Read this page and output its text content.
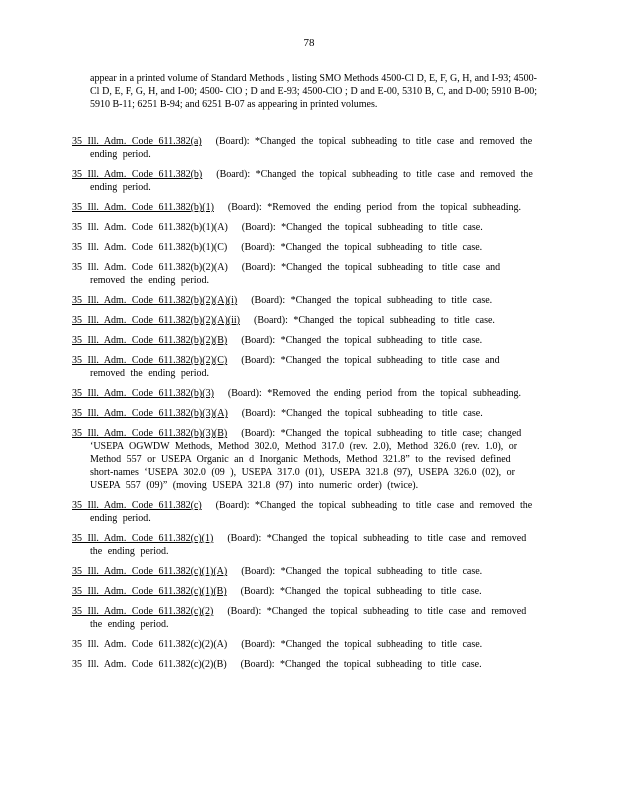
78
appear in a printed volume of Standard Methods , listing SMO Methods 4500-Cl D, E, F, G, H, and I-93; 4500-Cl D, E, F, G, H, and I-00; 4500- ClO ; D and E-93; 4500-ClO ; D and E-00, 5310 B, C, and D-00; 5910 B-00; 5910 B-11; 6251 B-94; and 6251 B-07 as appearing in printed volumes.
35 Ill. Adm. Code 611.382(a) (Board): *Changed the topical subheading to title case and removed the ending period.
35 Ill. Adm. Code 611.382(b) (Board): *Changed the topical subheading to title case and removed the ending period.
35 Ill. Adm. Code 611.382(b)(1) (Board): *Removed the ending period from the topical subheading.
35 Ill. Adm. Code 611.382(b)(1)(A) (Board): *Changed the topical subheading to title case.
35 Ill. Adm. Code 611.382(b)(1)(C) (Board): *Changed the topical subheading to title case.
35 Ill. Adm. Code 611.382(b)(2)(A) (Board): *Changed the topical subheading to title case and removed the ending period.
35 Ill. Adm. Code 611.382(b)(2)(A)(i) (Board): *Changed the topical subheading to title case.
35 Ill. Adm. Code 611.382(b)(2)(A)(ii) (Board): *Changed the topical subheading to title case.
35 Ill. Adm. Code 611.382(b)(2)(B) (Board): *Changed the topical subheading to title case.
35 Ill. Adm. Code 611.382(b)(2)(C) (Board): *Changed the topical subheading to title case and removed the ending period.
35 Ill. Adm. Code 611.382(b)(3) (Board): *Removed the ending period from the topical subheading.
35 Ill. Adm. Code 611.382(b)(3)(A) (Board): *Changed the topical subheading to title case.
35 Ill. Adm. Code 611.382(b)(3)(B) (Board): *Changed the topical subheading to title case; changed ‘USEPA OGWDW Methods, Method 302.0, Method 317.0 (rev. 2.0), Method 326.0 (rev. 1.0), or Method 557 or USEPA Organic an d Inorganic Methods, Method 321.8” to the revised defined short-names ‘USEPA 302.0 (09 ), USEPA 317.0 (01), USEPA 321.8 (97), USEPA 326.0 (02), or USEPA 557 (09)” (moving USEPA 321.8 (97) into numeric order) (twice).
35 Ill. Adm. Code 611.382(c) (Board): *Changed the topical subheading to title case and removed the ending period.
35 Ill. Adm. Code 611.382(c)(1) (Board): *Changed the topical subheading to title case and removed the ending period.
35 Ill. Adm. Code 611.382(c)(1)(A) (Board): *Changed the topical subheading to title case.
35 Ill. Adm. Code 611.382(c)(1)(B) (Board): *Changed the topical subheading to title case.
35 Ill. Adm. Code 611.382(c)(2) (Board): *Changed the topical subheading to title case and removed the ending period.
35 Ill. Adm. Code 611.382(c)(2)(A) (Board): *Changed the topical subheading to title case.
35 Ill. Adm. Code 611.382(c)(2)(B) (Board): *Changed the topical subheading to title case.
